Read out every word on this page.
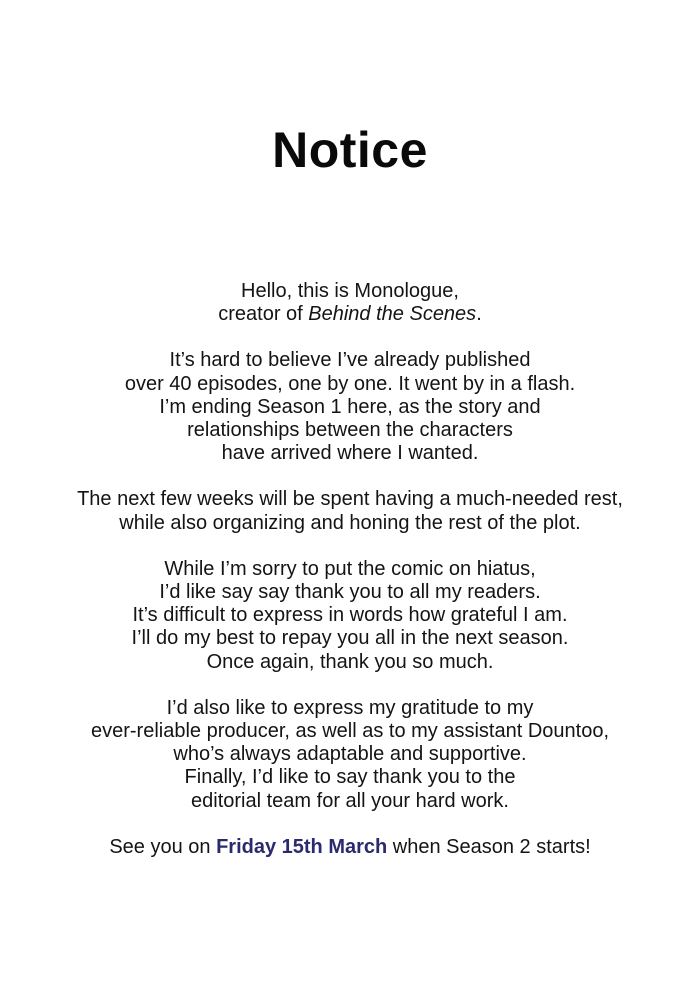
Notice
Hello, this is Monologue,
creator of Behind the Scenes.
It’s hard to believe I’ve already published
over 40 episodes, one by one. It went by in a flash.
I’m ending Season 1 here, as the story and
relationships between the characters
have arrived where I wanted.
The next few weeks will be spent having a much-needed rest,
while also organizing and honing the rest of the plot.
While I’m sorry to put the comic on hiatus,
I’d like say say thank you to all my readers.
It’s difficult to express in words how grateful I am.
I’ll do my best to repay you all in the next season.
Once again, thank you so much.
I’d also like to express my gratitude to my
ever-reliable producer, as well as to my assistant Dountoo,
who’s always adaptable and supportive.
Finally, I’d like to say thank you to the
editorial team for all your hard work.
See you on Friday 15th March when Season 2 starts!
